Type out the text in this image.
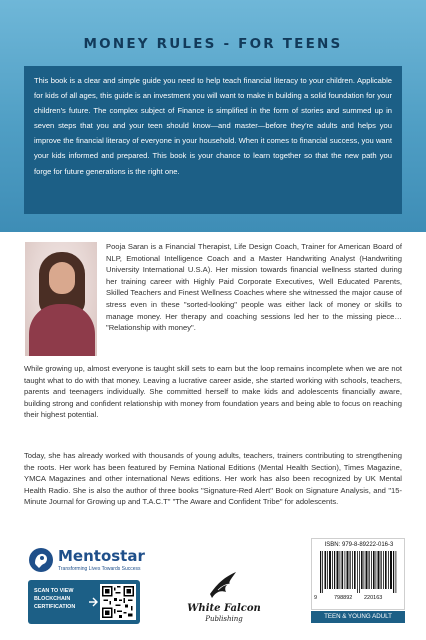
MONEY RULES - FOR TEENS
This book is a clear and simple guide you need to help teach financial literacy to your children. Applicable for kids of all ages, this guide is an investment you will want to make in building a solid foundation for your children's future. The complex subject of Finance is simplified in the form of stories and summed up in seven steps that you and your teen should know—and master—before they're adults and helps you improve the financial literacy of everyone in your household. When it comes to financial success, you want your kids informed and prepared. This book is your chance to learn together so that the new path you forge for future generations is the right one.
Pooja Saran is a Financial Therapist, Life Design Coach, Trainer for American Board of NLP, Emotional Intelligence Coach and a Master Handwriting Analyst (Handwriting University International U.S.A). Her mission towards financial wellness started during her training career with Highly Paid Corporate Executives, Well Educated Parents, Skilled Teachers and Finest Wellness Coaches where she witnessed the major cause of stress even in these "sorted-looking" people was either lack of money or skills to manage money. Her therapy and coaching sessions led her to the missing piece… "Relationship with money".
While growing up, almost everyone is taught skill sets to earn but the loop remains incomplete when we are not taught what to do with that money. Leaving a lucrative career aside, she started working with schools, teachers, parents and teenagers individually. She committed herself to make kids and adolescents financially aware, building strong and confident relationship with money from foundation years and being able to focus on reaching their highest potential.
Today, she has already worked with thousands of young adults, teachers, trainers contributing to strengthening the roots. Her work has been featured by Femina National Editions (Mental Health Section), Times Magazine, YMCA Magazines and other international News editions. Her work has also been recognized by UK Mental Health Radio. She is also the author of three books "Signature-Red Alert" Book on Signature Analysis, and "15-Minute Journal for Growing up and T.A.C.T" "The Aware and Confident Tribe" for adolescents.
Mentostar
Transforming Lives Towards Success
SCAN TO VIEW BLOCKCHAIN CERTIFICATION	White Falcon
Publishing
ISBN: 979-8-89222-016-3
9	798892 220163
TEEN & YOUNG ADULT
